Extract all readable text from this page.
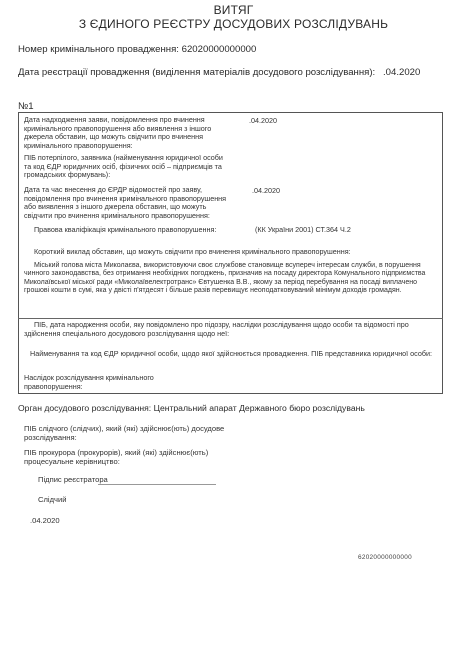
ВИТЯГ
З ЄДИНОГО РЕЄСТРУ ДОСУДОВИХ РОЗСЛІДУВАНЬ
Номер кримінального провадження: 62020000000000
Дата реєстрації провадження (виділення матеріалів досудового розслідування): .04.2020
№1
Дата надходження заяви, повідомлення про вчинення кримінального правопорушення або виявлення з іншого джерела обставин, що можуть свідчити про вчинення кримінального правопорушення:
.04.2020
ПІБ потерпілого, заявника (найменування юридичної особи та код ЄДР юридичних осіб, фізичних осіб – підприємців та громадських формувань):
Дата та час внесення до ЄРДР відомостей про заяву, повідомлення про вчинення кримінального правопорушення або виявлення з іншого джерела обставин, що можуть свідчити про вчинення кримінального правопорушення:
.04.2020
Правова кваліфікація кримінального правопорушення:	(КК України 2001) СТ.364 Ч.2
Короткий виклад обставин, що можуть свідчити про вчинення кримінального правопорушення:
Міський голова міста Миколаєва, використовуючи своє службове становище всупереч інтересам служби, в порушення чинного законодавства, без отримання необхідних погоджень, призначив на посаду директора Комунального підприємства Миколаївської міської ради «Миколаївелектротранс» Євтушенка В.В., якому за період перебування на посаді виплачено грошові кошти в сумі, яка у двісті п'ятдесят і більше разів перевищує неоподатковуваний мінімум доходів громадян.
ПІБ, дата народження особи, яку повідомлено про підозру, наслідки розслідування щодо особи та відомості про здійснення спеціального досудового розслідування щодо неї:
Найменування та код ЄДР юридичної особи, щодо якої здійснюється провадження. ПІБ представника юридичної особи:
Наслідок розслідування кримінального правопорушення:
Орган досудового розслідування: Центральний апарат Державного бюро розслідувань
ПІБ слідчого (слідчих), який (які) здійснює(ють) досудове розслідування:
ПІБ прокурора (прокурорів), який (які) здійснює(ють) процесуальне керівництво:
Підпис реєстратора
Слідчий
.04.2020
62020000000000
